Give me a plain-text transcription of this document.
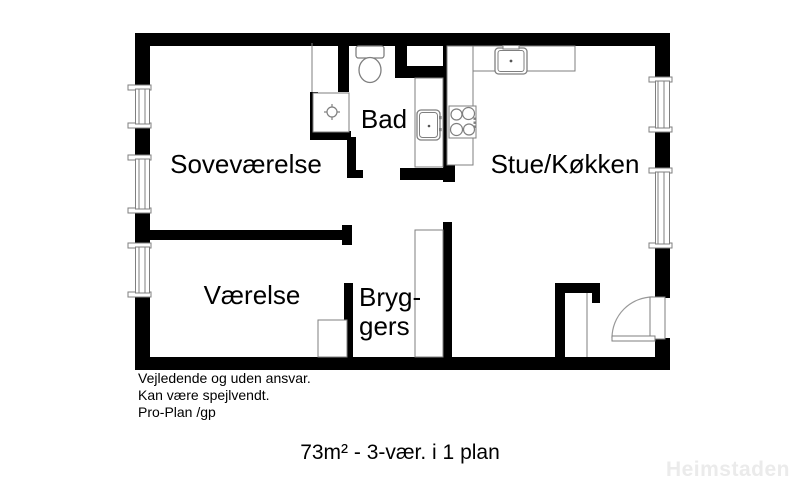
Soveværelse
Bad
Stue/Køkken
Værelse	Bryg-
gers
Vejledende og uden ansvar.
Kan være spejlvendt.
Pro-Plan /gp
73m² - 3-vær. i 1 plan
Heimstaden
